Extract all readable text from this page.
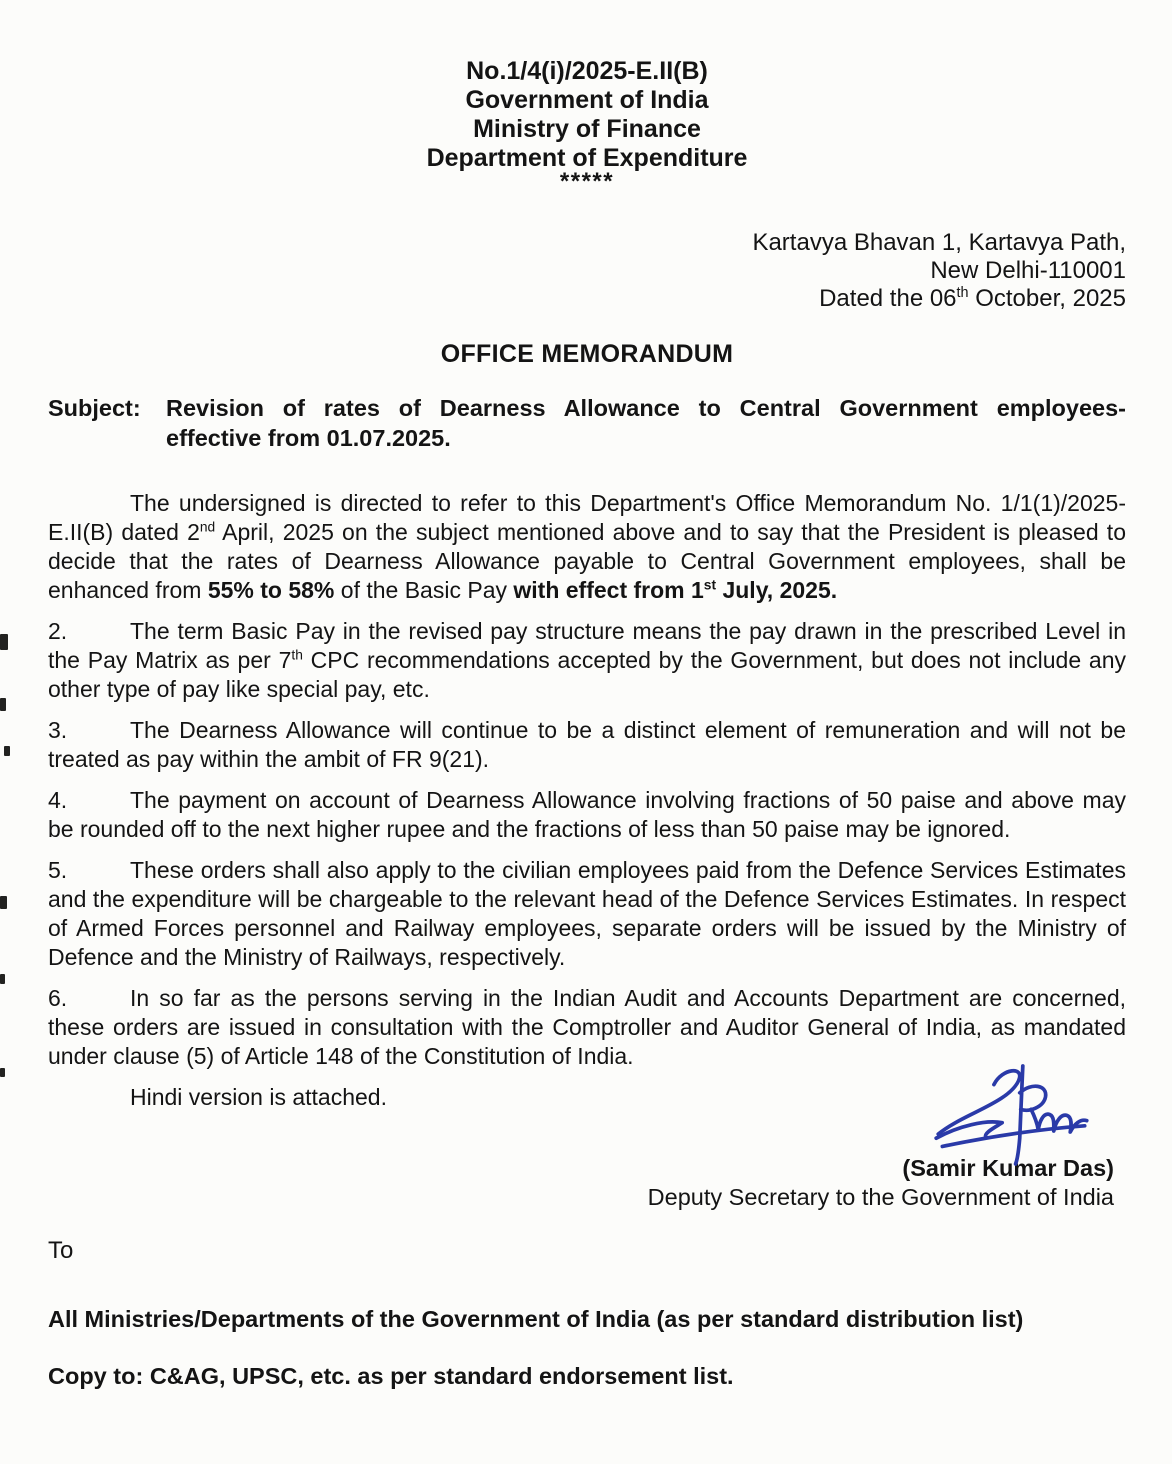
No.1/4(i)/2025-E.II(B)
Government of India
Ministry of Finance
Department of Expenditure
*****
Kartavya Bhavan 1, Kartavya Path,
New Delhi-110001
Dated the 06th October, 2025
OFFICE MEMORANDUM
Subject:	Revision of rates of Dearness Allowance to Central Government employees-
effective from 01.07.2025.

The undersigned is directed to refer to this Department's Office Memorandum No. 1/1(1)/2025-E.II(B) dated 2nd April, 2025 on the subject mentioned above and to say that the President is pleased to decide that the rates of Dearness Allowance payable to Central Government employees, shall be enhanced from 55% to 58% of the Basic Pay with effect from 1st July, 2025.

2.	The term Basic Pay in the revised pay structure means the pay drawn in the prescribed Level in the Pay Matrix as per 7th CPC recommendations accepted by the Government, but does not include any other type of pay like special pay, etc.

3.	The Dearness Allowance will continue to be a distinct element of remuneration and will not be treated as pay within the ambit of FR 9(21).

4.	The payment on account of Dearness Allowance involving fractions of 50 paise and above may be rounded off to the next higher rupee and the fractions of less than 50 paise may be ignored.

5.	These orders shall also apply to the civilian employees paid from the Defence Services Estimates and the expenditure will be chargeable to the relevant head of the Defence Services Estimates. In respect of Armed Forces personnel and Railway employees, separate orders will be issued by the Ministry of Defence and the Ministry of Railways, respectively.

6.	In so far as the persons serving in the Indian Audit and Accounts Department are concerned, these orders are issued in consultation with the Comptroller and Auditor General of India, as mandated under clause (5) of Article 148 of the Constitution of India.

Hindi version is attached.

(Samir Kumar Das)
Deputy Secretary to the Government of India
To
All Ministries/Departments of the Government of India (as per standard distribution list)
Copy to: C&AG, UPSC, etc. as per standard endorsement list.
